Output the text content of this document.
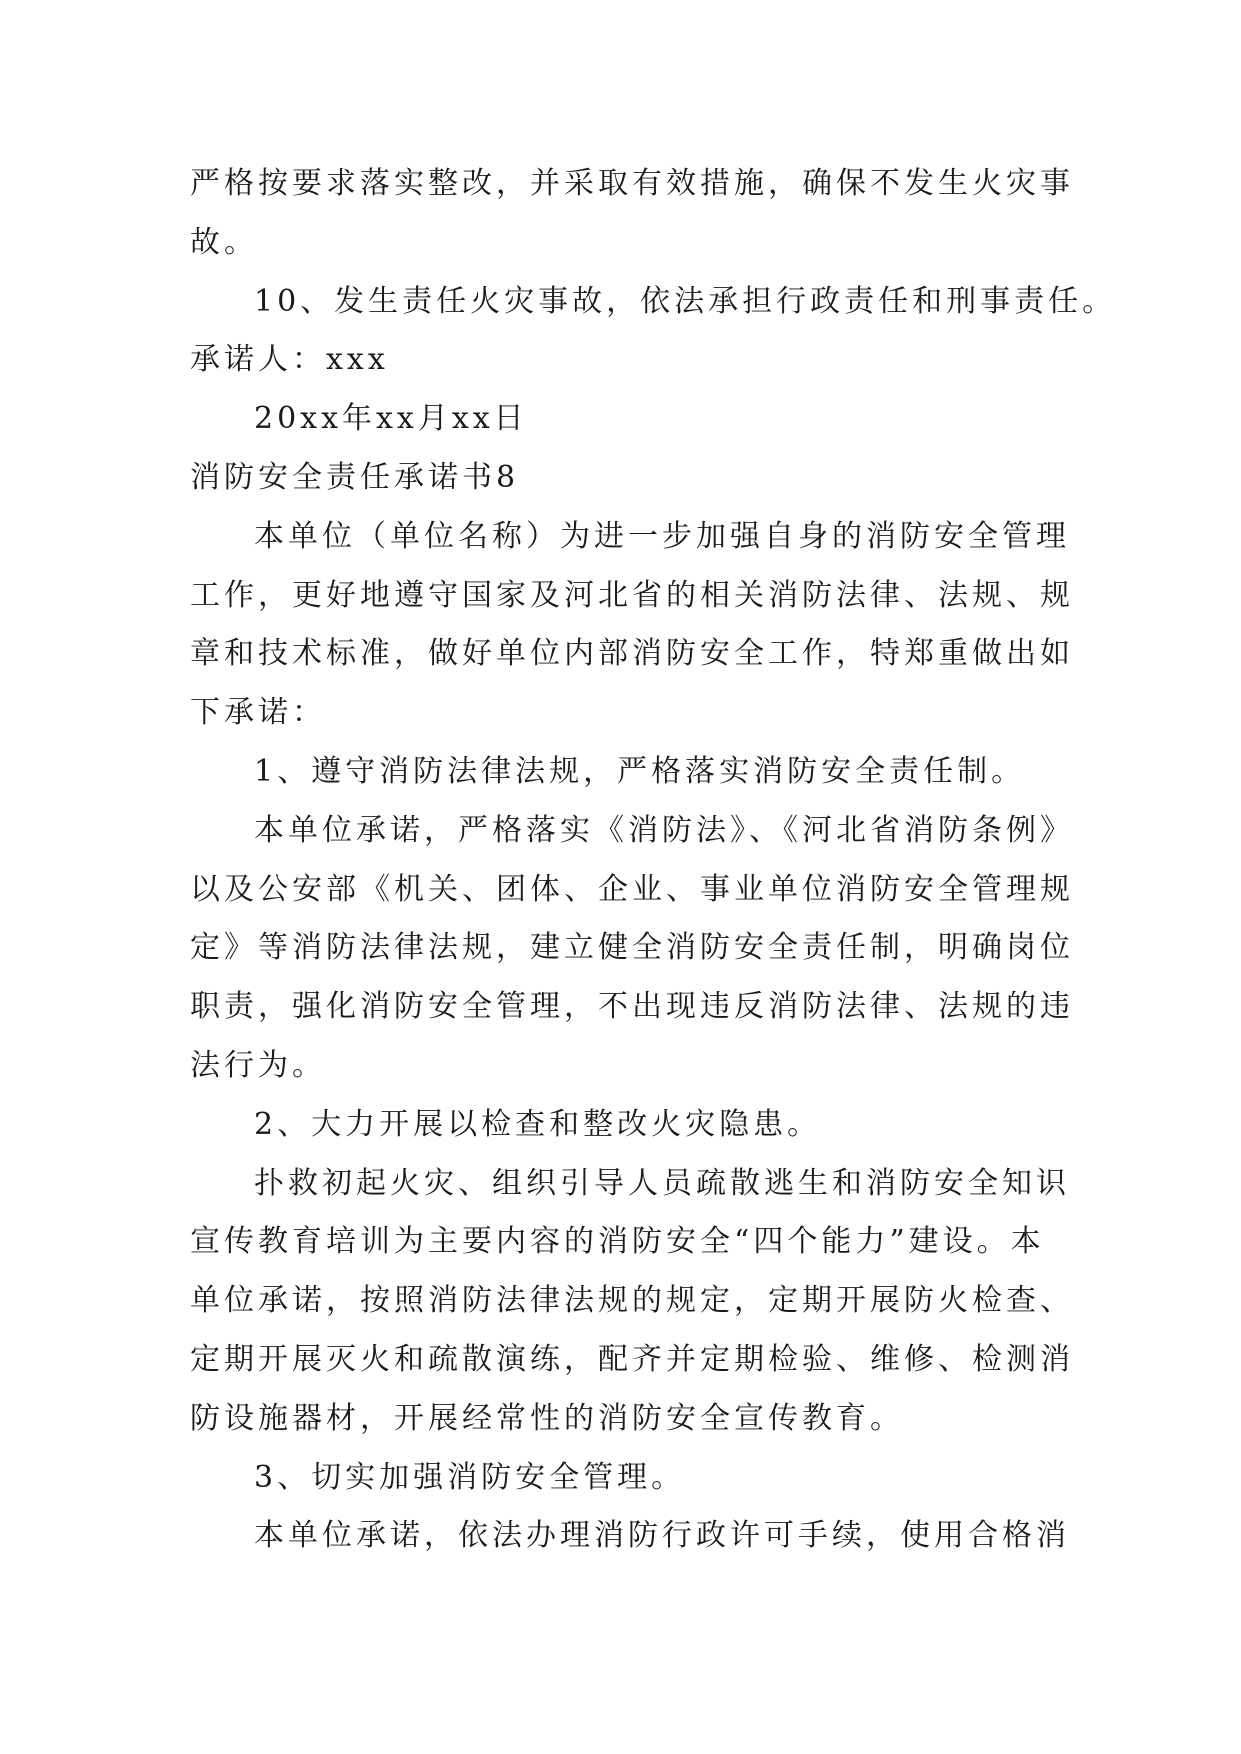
严格按要求落实整改，并采取有效措施，确保不发生火灾事
故。
10、发生责任火灾事故，依法承担行政责任和刑事责任。
承诺人：xxx
20xx年xx月xx日
消防安全责任承诺书8
本单位（单位名称）为进一步加强自身的消防安全管理
工作，更好地遵守国家及河北省的相关消防法律、法规、规
章和技术标准，做好单位内部消防安全工作，特郑重做出如
下承诺：
1、遵守消防法律法规，严格落实消防安全责任制。
本单位承诺，严格落实《消防法》、《河北省消防条例》
以及公安部《机关、团体、企业、事业单位消防安全管理规
定》等消防法律法规，建立健全消防安全责任制，明确岗位
职责，强化消防安全管理，不出现违反消防法律、法规的违
法行为。
2、大力开展以检查和整改火灾隐患。
扑救初起火灾、组织引导人员疏散逃生和消防安全知识
宣传教育培训为主要内容的消防安全“四个能力”建设。本
单位承诺，按照消防法律法规的规定，定期开展防火检查、
定期开展灭火和疏散演练，配齐并定期检验、维修、检测消
防设施器材，开展经常性的消防安全宣传教育。
3、切实加强消防安全管理。
本单位承诺，依法办理消防行政许可手续，使用合格消
